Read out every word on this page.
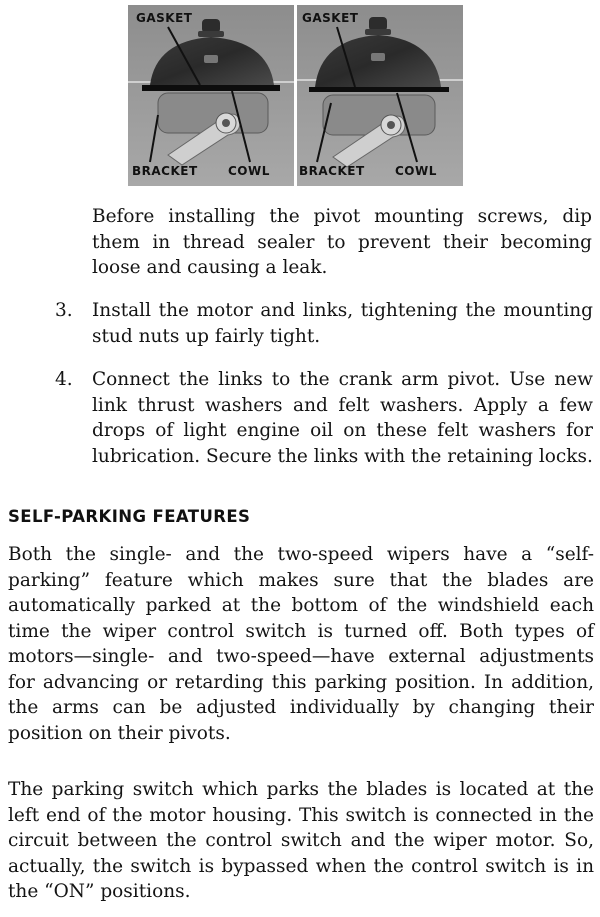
GASKET
BRACKET	COWL
GASKET
BRACKET	COWL

Before installing the pivot mounting screws, dip them in thread sealer to prevent their becoming loose and causing a leak.

3.	Install the motor and links, tightening the mounting stud nuts up fairly tight.
4.	Connect the links to the crank arm pivot. Use new link thrust washers and felt washers. Apply a few drops of light engine oil on these felt washers for lubrication. Secure the links with the retaining locks.
SELF-PARKING FEATURES

Both the single- and the two-speed wipers have a “self-parking” feature which makes sure that the blades are automatically parked at the bottom of the windshield each time the wiper control switch is turned off. Both types of motors—single- and two-speed—have external adjustments for advancing or retarding this parking position. In addition, the arms can be adjusted individually by changing their position on their pivots.

The parking switch which parks the blades is located at the left end of the motor housing. This switch is connected in the circuit between the control switch and the wiper motor. So, actually, the switch is bypassed when the control switch is in the “ON” positions.
